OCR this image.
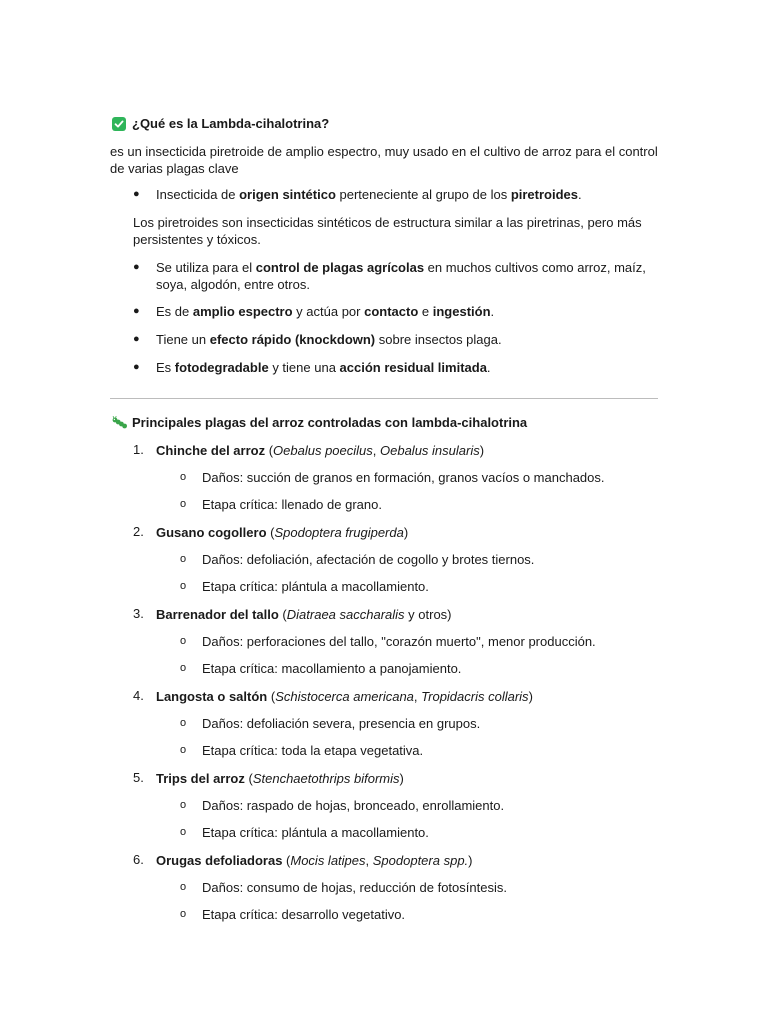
¿Qué es la Lambda-cihalotrina?
es un insecticida piretroide de amplio espectro, muy usado en el cultivo de arroz para el control
de varias plagas clave
● Insecticida de origen sintético perteneciente al grupo de los piretroides.
Los piretroides son insecticidas sintéticos de estructura similar a las piretrinas, pero más
persistentes y tóxicos.
● Se utiliza para el control de plagas agrícolas en muchos cultivos como arroz, maíz,
soya, algodón, entre otros.
● Es de amplio espectro y actúa por contacto e ingestión.
● Tiene un efecto rápido (knockdown) sobre insectos plaga.
● Es fotodegradable y tiene una acción residual limitada.
Principales plagas del arroz controladas con lambda-cihalotrina
1. Chinche del arroz (Oebalus poecilus, Oebalus insularis)
o Daños: succión de granos en formación, granos vacíos o manchados.
o Etapa crítica: llenado de grano.
2. Gusano cogollero (Spodoptera frugiperda)
o Daños: defoliación, afectación de cogollo y brotes tiernos.
o Etapa crítica: plántula a macollamiento.
3. Barrenador del tallo (Diatraea saccharalis y otros)
o Daños: perforaciones del tallo, "corazón muerto", menor producción.
o Etapa crítica: macollamiento a panojamiento.
4. Langosta o saltón (Schistocerca americana, Tropidacris collaris)
o Daños: defoliación severa, presencia en grupos.
o Etapa crítica: toda la etapa vegetativa.
5. Trips del arroz (Stenchaetothrips biformis)
o Daños: raspado de hojas, bronceado, enrollamiento.
o Etapa crítica: plántula a macollamiento.
6. Orugas defoliadoras (Mocis latipes, Spodoptera spp.)
o Daños: consumo de hojas, reducción de fotosíntesis.
o Etapa crítica: desarrollo vegetativo.
